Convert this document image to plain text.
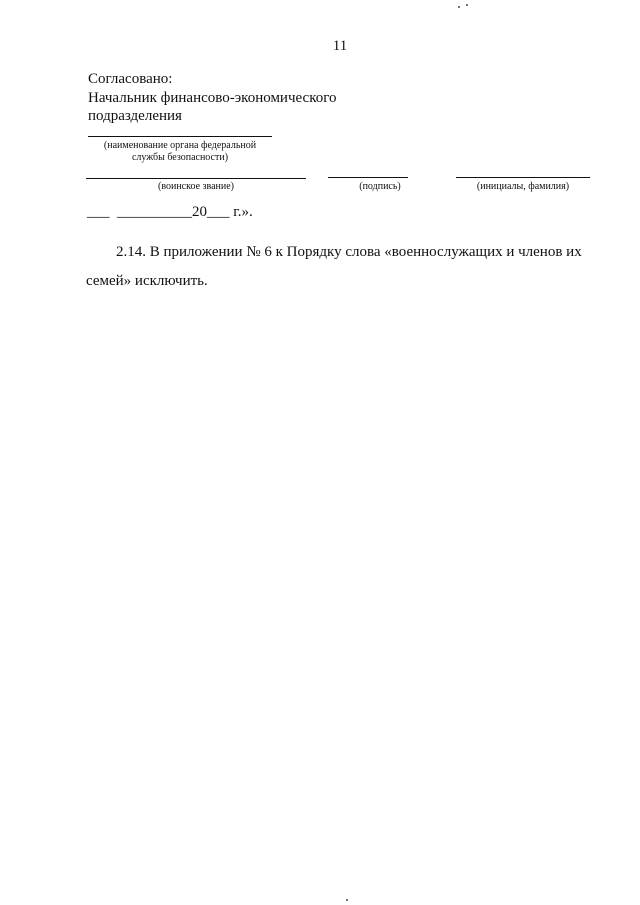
11
Согласовано:
Начальник финансово-экономического
подразделения
(наименование органа федеральной
службы безопасности)
(воинское звание)	(подпись)	(инициалы, фамилия)
___ __________20___ г.».
2.14. В приложении № 6 к Порядку слова «военнослужащих и членов их семей» исключить.
